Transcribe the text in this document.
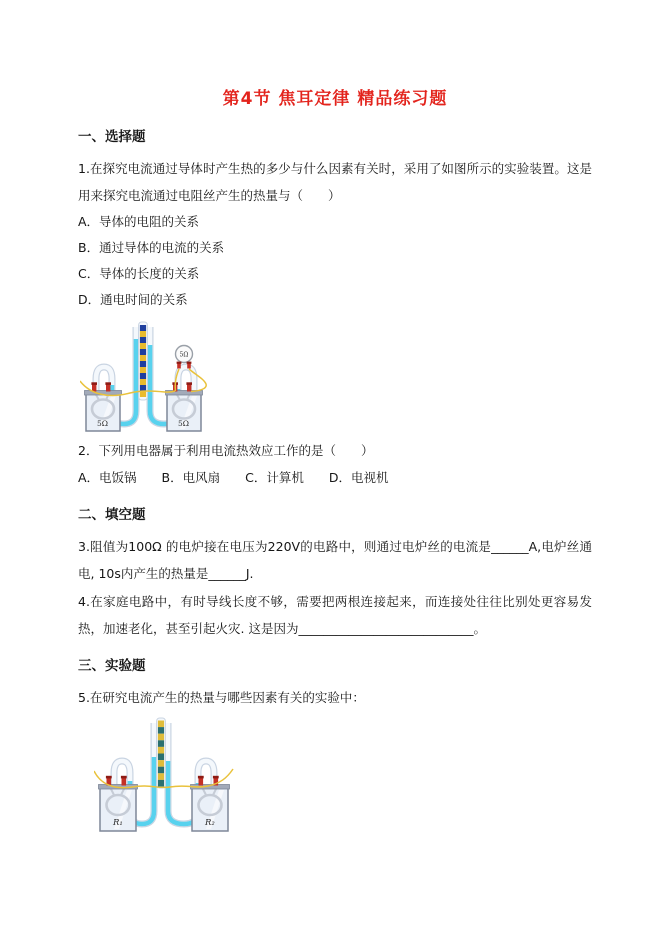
第4节 焦耳定律 精品练习题
一、选择题

1.在探究电流通过导体时产生热的多少与什么因素有关时，采用了如图所示的实验装置。这是用来探究电流通过电阻丝产生的热量与（　　）

A．导体的电阻的关系
B．通过导体的电流的关系
C．导体的长度的关系
D．通电时间的关系
5Ω	5Ω
5Ω

2．下列用电器属于利用电流热效应工作的是（　　）

A．电饭锅　　B．电风扇　　C．计算机　　D．电视机

二、填空题

3.阻值为100Ω 的电炉接在电压为220V的电路中，则通过电炉丝的电流是______A,电炉丝通电, 10s内产生的热量是______J.

4.在家庭电路中，有时导线长度不够，需要把两根连接起来，而连接处往往比别处更容易发热，加速老化，甚至引起火灾. 这是因为____________________________。

三、实验题

5.在研究电流产生的热量与哪些因素有关的实验中：

R₁	R₂
